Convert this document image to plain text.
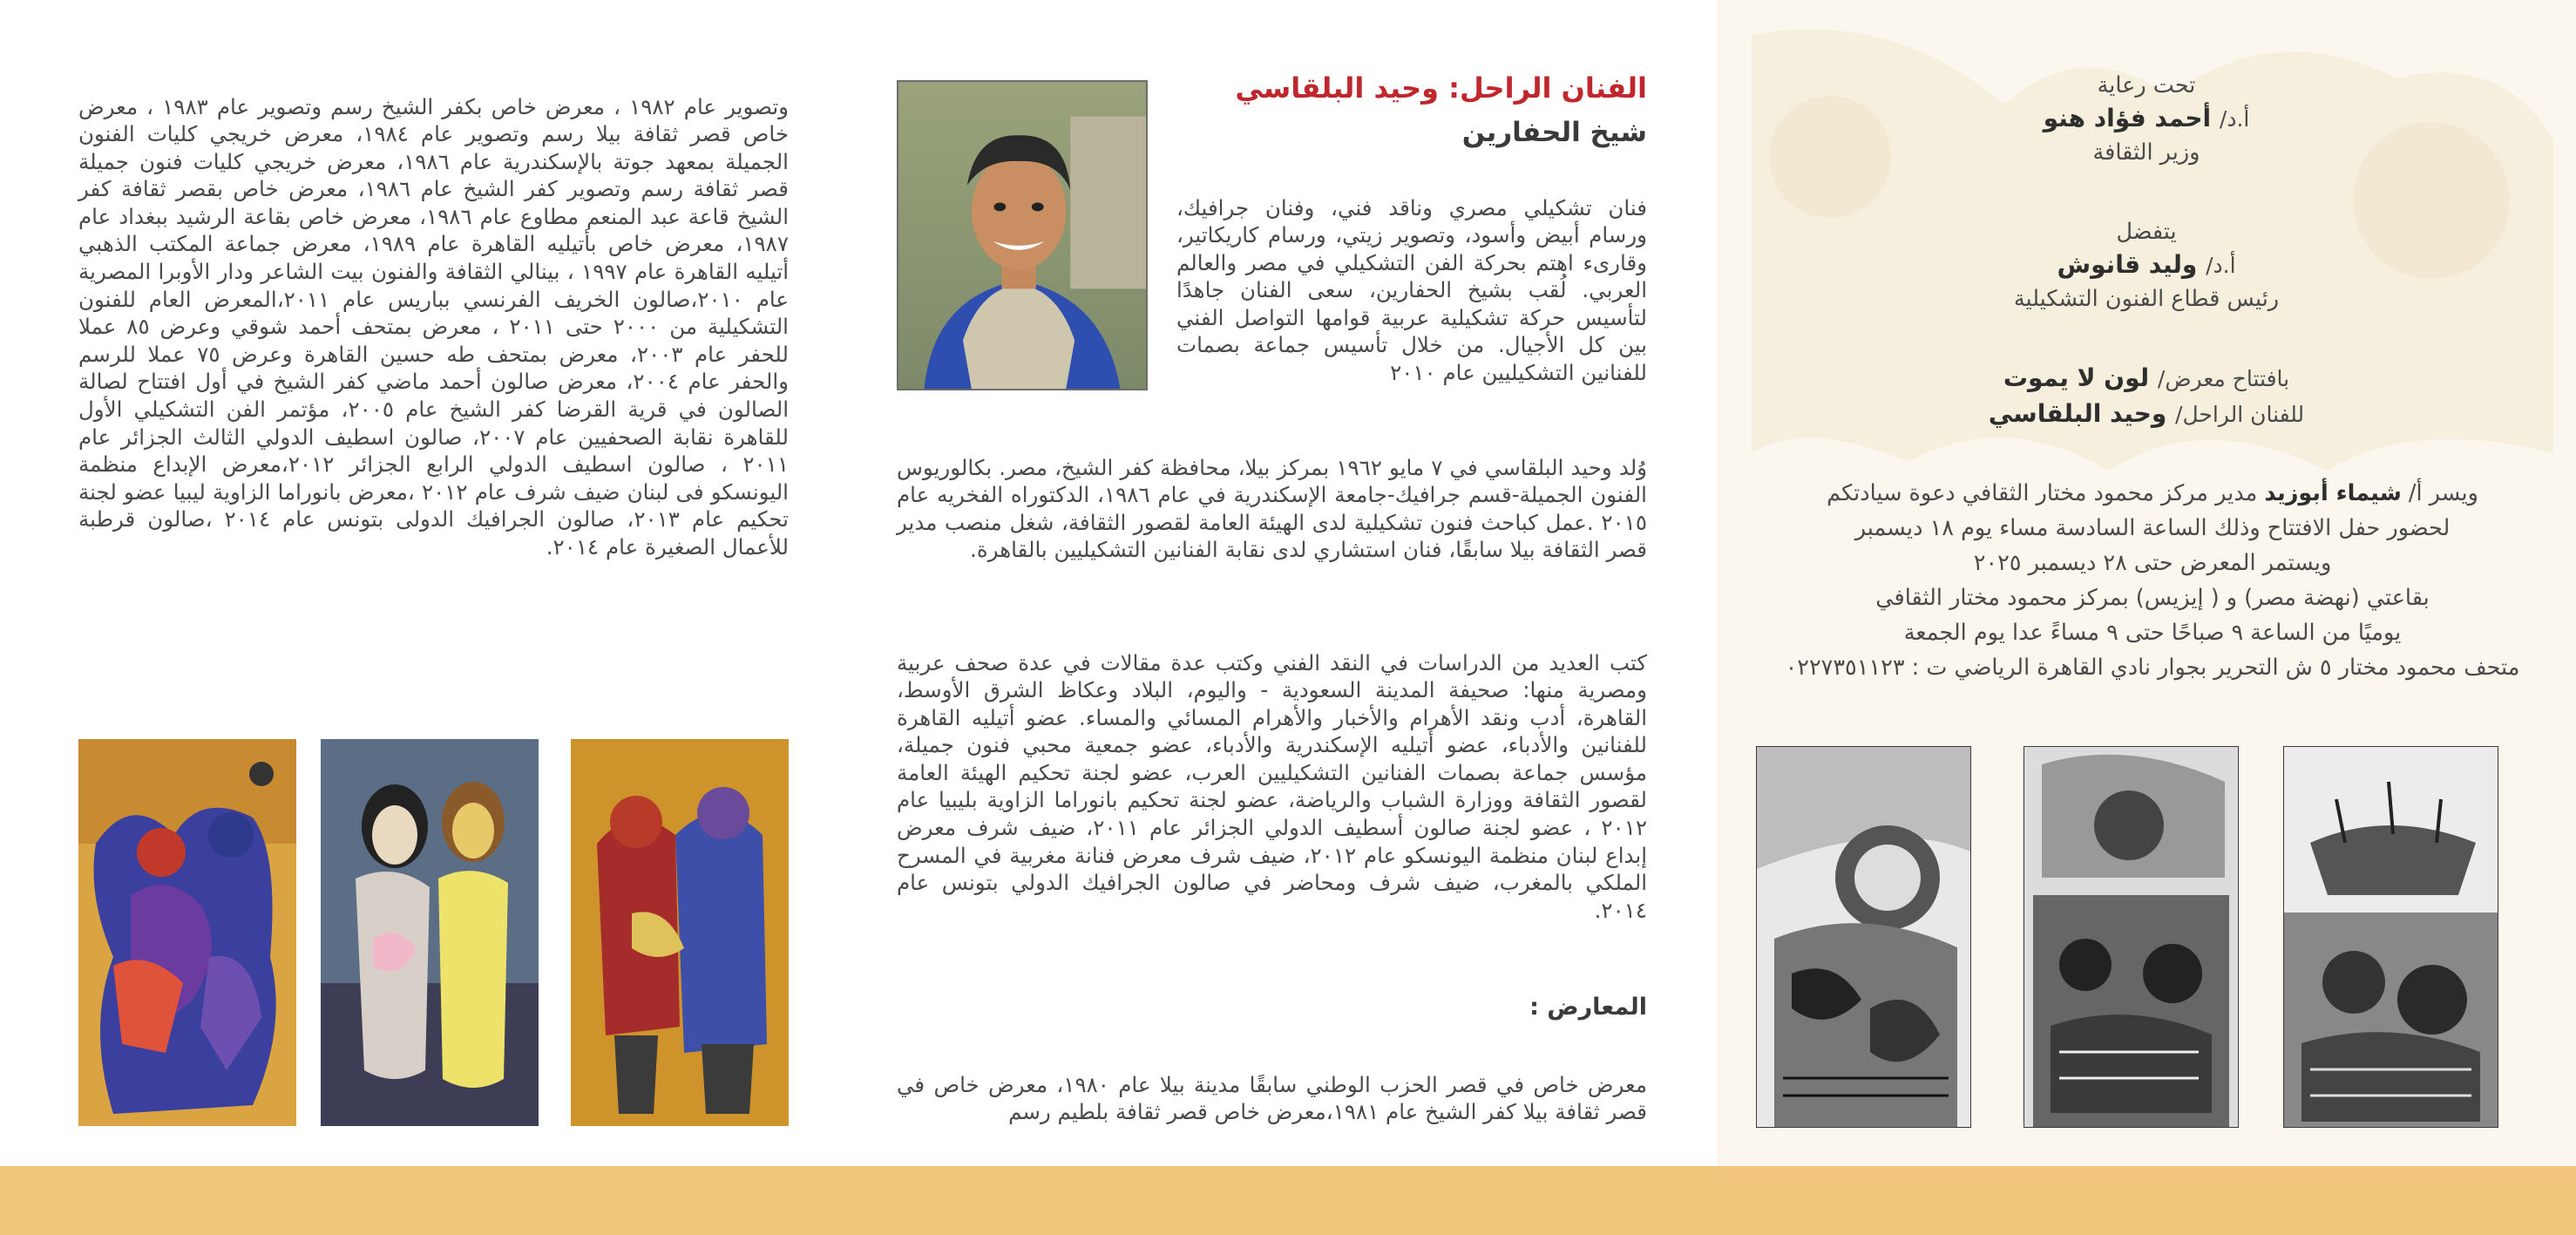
وتصوير عام ١٩٨٢ ، معرض خاص بكفر الشيخ رسم وتصوير عام ١٩٨٣ ، معرض خاص قصر ثقافة بيلا رسم وتصوير عام ١٩٨٤، معرض خريجي كليات الفنون الجميلة بمعهد جوتة بالإسكندرية عام ١٩٨٦، معرض خريجي كليات فنون جميلة قصر ثقافة رسم وتصوير كفر الشيخ عام ١٩٨٦، معرض خاص بقصر ثقافة كفر الشيخ قاعة عبد المنعم مطاوع عام ١٩٨٦، معرض خاص بقاعة الرشيد ببغداد عام ١٩٨٧، معرض خاص بأتيليه القاهرة عام ١٩٨٩، معرض جماعة المكتب الذهبي أتيليه القاهرة عام ١٩٩٧ ، بينالي الثقافة والفنون بيت الشاعر ودار الأوبرا المصرية عام ٢٠١٠،صالون الخريف الفرنسي بباريس عام ٢٠١١،المعرض العام للفنون التشكيلية من ٢٠٠٠ حتى ٢٠١١ ، معرض بمتحف أحمد شوقي وعرض ٨٥ عملا للحفر عام ٢٠٠٣، معرض بمتحف طه حسين القاهرة وعرض ٧٥ عملا للرسم والحفر عام ٢٠٠٤، معرض صالون أحمد ماضي كفر الشيخ في أول افتتاح لصالة الصالون في قرية القرضا كفر الشيخ عام ٢٠٠٥، مؤتمر الفن التشكيلي الأول للقاهرة نقابة الصحفيين عام ٢٠٠٧، صالون اسطيف الدولي الثالث الجزائر عام ٢٠١١ ، صالون اسطيف الدولي الرابع الجزائر ٢٠١٢،معرض الإبداع منظمة اليونسكو فى لبنان ضيف شرف عام ٢٠١٢ ،معرض بانوراما الزاوية ليبيا عضو لجنة تحكيم عام ٢٠١٣، صالون الجرافيك الدولى بتونس عام ٢٠١٤ ،صالون قرطبة للأعمال الصغيرة عام ٢٠١٤.

الفنان الراحل: وحيد البلقاسي
شيخ الحفارين

فنان تشكيلي مصري وناقد فني، وفنان جرافيك، ورسام أبيض وأسود، وتصوير زيتي، ورسام كاريكاتير، وقارىء اهتم بحركة الفن التشكيلي في مصر والعالم العربي. لُقب بشيخ الحفارين، سعى الفنان جاهدًا لتأسيس حركة تشكيلية عربية قوامها التواصل الفني بين كل الأجيال. من خلال تأسيس جماعة بصمات للفنانين التشكيليين عام ٢٠١٠

وُلد وحيد البلقاسي في ٧ مايو ١٩٦٢ بمركز بيلا، محافظة كفر الشيخ، مصر. بكالوريوس الفنون الجميلة-قسم جرافيك-جامعة الإسكندرية في عام ١٩٨٦، الدكتوراه الفخريه عام ٢٠١٥ .عمل كباحث فنون تشكيلية لدى الهيئة العامة لقصور الثقافة، شغل منصب مدير قصر الثقافة بيلا سابقًا، فنان استشاري لدى نقابة الفنانين التشكيليين بالقاهرة.

كتب العديد من الدراسات في النقد الفني وكتب عدة مقالات في عدة صحف عربية ومصرية منها: صحيفة المدينة السعودية - واليوم، البلاد وعكاظ الشرق الأوسط، القاهرة، أدب ونقد الأهرام والأخبار والأهرام المسائي والمساء. عضو أتيليه القاهرة للفنانين والأدباء، عضو أتيليه الإسكندرية والأدباء، عضو جمعية محبي فنون جميلة، مؤسس جماعة بصمات الفنانين التشكيليين العرب، عضو لجنة تحكيم الهيئة العامة لقصور الثقافة ووزارة الشباب والرياضة، عضو لجنة تحكيم بانوراما الزاوية بليبيا عام ٢٠١٢ ، عضو لجنة صالون أسطيف الدولي الجزائر عام ٢٠١١، ضيف شرف معرض إبداع لبنان منظمة اليونسكو عام ٢٠١٢، ضيف شرف معرض فنانة مغربية في المسرح الملكي بالمغرب، ضيف شرف ومحاضر في صالون الجرافيك الدولي بتونس عام ٢٠١٤.

المعارض :

معرض خاص في قصر الحزب الوطني سابقًا مدينة بيلا عام ١٩٨٠، معرض خاص في قصر ثقافة بيلا كفر الشيخ عام ١٩٨١،معرض خاص قصر ثقافة بلطيم رسم

تحت رعاية
أ.د/ أحمد فؤاد هنو
وزير الثقافة
يتفضل
أ.د/ وليد قانوش
رئيس قطاع الفنون التشكيلية
بافتتاح معرض/ لون لا يموت
للفنان الراحل/ وحيد البلقاسي
ويسر أ/ شيماء أبوزيد مدير مركز محمود مختار الثقافي دعوة سيادتكم
لحضور حفل الافتتاح وذلك الساعة السادسة مساء يوم ١٨ ديسمبر
ويستمر المعرض حتى ٢٨ ديسمبر ٢٠٢٥
بقاعتي (نهضة مصر) و ( إيزيس) بمركز محمود مختار الثقافي
يوميًا من الساعة ٩ صباحًا حتى ٩ مساءً عدا يوم الجمعة
متحف محمود مختار ٥ ش التحرير بجوار نادي القاهرة الرياضي ت : ٠٢٢٧٣٥١١٢٣
